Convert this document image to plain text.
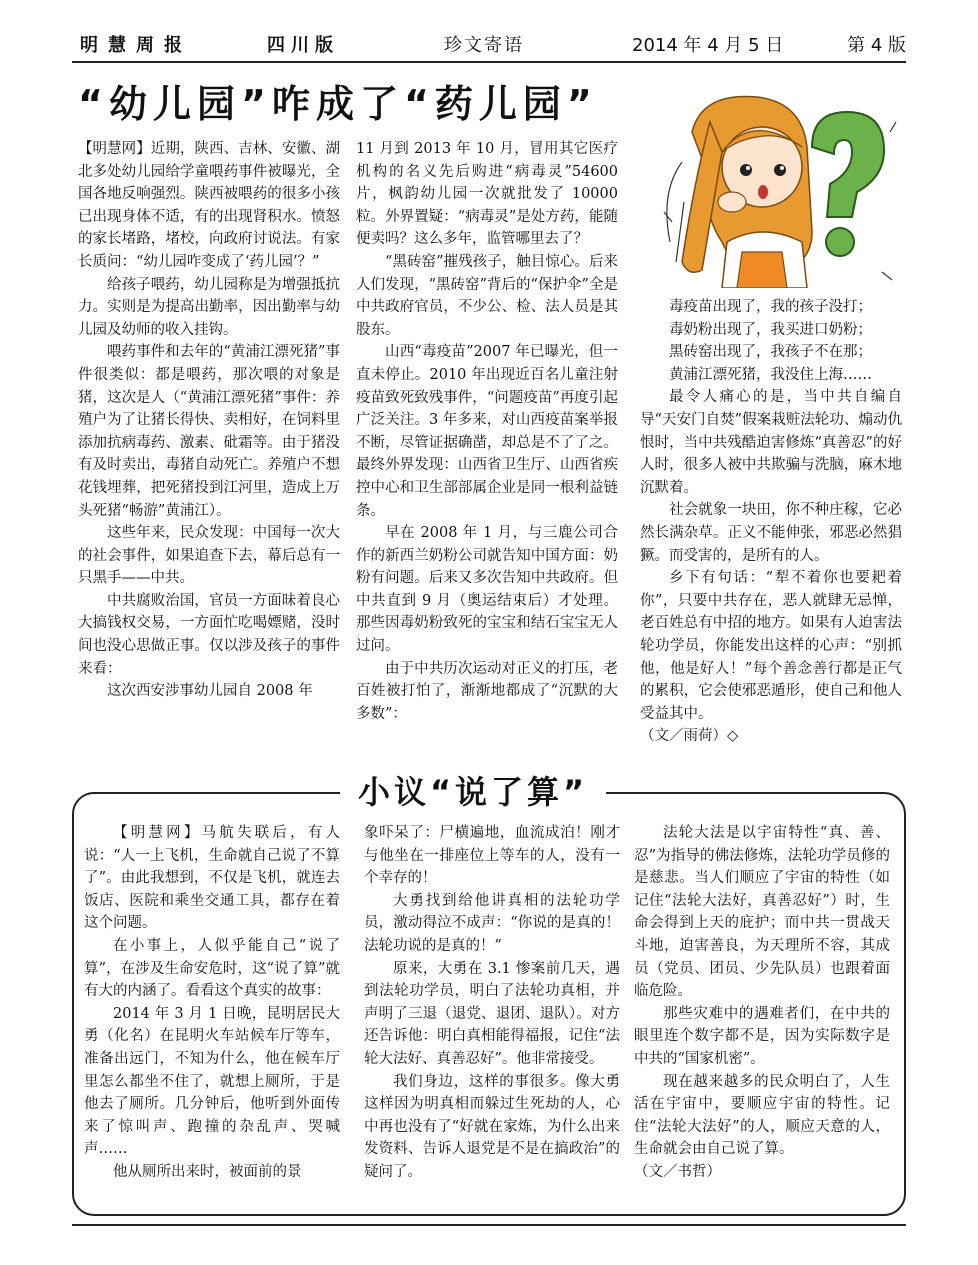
明慧周报	四川版	珍文寄语	2014 年 4 月 5 日	第 4 版
“幼儿园”咋成了“药儿园”

【明慧网】近期，陕西、吉林、安徽、湖北多处幼儿园给学童喂药事件被曝光，全国各地反响强烈。陕西被喂药的很多小孩已出现身体不适，有的出现肾积水。愤怒的家长堵路，堵校，向政府讨说法。有家长质问：“幼儿园咋变成了‘药儿园’？”

给孩子喂药，幼儿园称是为增强抵抗力。实则是为提高出勤率，因出勤率与幼儿园及幼师的收入挂钩。

喂药事件和去年的“黄浦江漂死猪”事件很类似：都是喂药，那次喂的对象是猪，这次是人（“黄浦江漂死猪”事件：养殖户为了让猪长得快、卖相好，在饲料里添加抗病毒药、激素、砒霜等。由于猪没有及时卖出，毒猪自动死亡。养殖户不想花钱埋葬，把死猪投到江河里，造成上万头死猪“畅游”黄浦江）。

这些年来，民众发现：中国每一次大的社会事件，如果追查下去，幕后总有一只黑手——中共。

中共腐败治国，官员一方面昧着良心大搞钱权交易，一方面忙吃喝嫖赌，没时间也没心思做正事。仅以涉及孩子的事件来看：

这次西安涉事幼儿园自 2008 年

11 月到 2013 年 10 月，冒用其它医疗机构的名义先后购进“病毒灵”54600 片，枫韵幼儿园一次就批发了 10000 粒。外界置疑：“病毒灵”是处方药，能随便卖吗？这么多年，监管哪里去了？

“黑砖窑”摧残孩子，触目惊心。后来人们发现，“黑砖窑”背后的“保护伞”全是中共政府官员，不少公、检、法人员是其股东。

山西“毒疫苗”2007 年已曝光，但一直未停止。2010 年出现近百名儿童注射疫苗致死致残事件，“问题疫苗”再度引起广泛关注。3 年多来，对山西疫苗案举报不断，尽管证据确凿，却总是不了了之。最终外界发现：山西省卫生厅、山西省疾控中心和卫生部部属企业是同一根利益链条。

早在 2008 年 1 月，与三鹿公司合作的新西兰奶粉公司就告知中国方面：奶粉有问题。后来又多次告知中共政府。但中共直到 9 月（奥运结束后）才处理。那些因毒奶粉致死的宝宝和结石宝宝无人过问。

由于中共历次运动对正义的打压，老百姓被打怕了，渐渐地都成了“沉默的大多数”：

毒疫苗出现了，我的孩子没打；

毒奶粉出现了，我买进口奶粉；

黑砖窑出现了，我孩子不在那；

黄浦江漂死猪，我没住上海……

最令人痛心的是，当中共自编自导“天安门自焚”假案栽赃法轮功、煽动仇恨时，当中共残酷迫害修炼“真善忍”的好人时，很多人被中共欺骗与洗脑，麻木地沉默着。

社会就象一块田，你不种庄稼，它必然长满杂草。正义不能伸张，邪恶必然猖獗。而受害的，是所有的人。

乡下有句话：“犁不着你也要耙着你”，只要中共存在，恶人就肆无忌惮，老百姓总有中招的地方。如果有人迫害法轮功学员，你能发出这样的心声：“别抓他，他是好人！”每个善念善行都是正气的累积，它会使邪恶遁形，使自己和他人受益其中。

（文／雨荷）◇

小议“说了算”

【明慧网】马航失联后，有人说：“人一上飞机，生命就自己说了不算了”。由此我想到，不仅是飞机，就连去饭店、医院和乘坐交通工具，都存在着这个问题。

在小事上，人似乎能自己“说了算”，在涉及生命安危时，这“说了算”就有大的内涵了。看看这个真实的故事：

2014 年 3 月 1 日晚，昆明居民大勇（化名）在昆明火车站候车厅等车，准备出远门，不知为什么，他在候车厅里怎么都坐不住了，就想上厕所，于是他去了厕所。几分钟后，他听到外面传来了惊叫声、跑撞的杂乱声、哭喊声……

他从厕所出来时，被面前的景

象吓呆了：尸横遍地，血流成泊！刚才与他坐在一排座位上等车的人，没有一个幸存的！

大勇找到给他讲真相的法轮功学员，激动得泣不成声：“你说的是真的！法轮功说的是真的！”

原来，大勇在 3.1 惨案前几天，遇到法轮功学员，明白了法轮功真相，并声明了三退（退党、退团、退队）。对方还告诉他：明白真相能得福报，记住“法轮大法好、真善忍好”。他非常接受。

我们身边，这样的事很多。像大勇这样因为明真相而躲过生死劫的人，心中再也没有了“好就在家炼，为什么出来发资料、告诉人退党是不是在搞政治”的疑问了。

法轮大法是以宇宙特性“真、善、忍”为指导的佛法修炼，法轮功学员修的是慈悲。当人们顺应了宇宙的特性（如记住“法轮大法好，真善忍好”）时，生命会得到上天的庇护；而中共一贯战天斗地，迫害善良，为天理所不容，其成员（党员、团员、少先队员）也跟着面临危险。

那些灾难中的遇难者们，在中共的眼里连个数字都不是，因为实际数字是中共的“国家机密”。

现在越来越多的民众明白了，人生活在宇宙中，要顺应宇宙的特性。记住“法轮大法好”的人，顺应天意的人，生命就会由自己说了算。

（文／书哲）
